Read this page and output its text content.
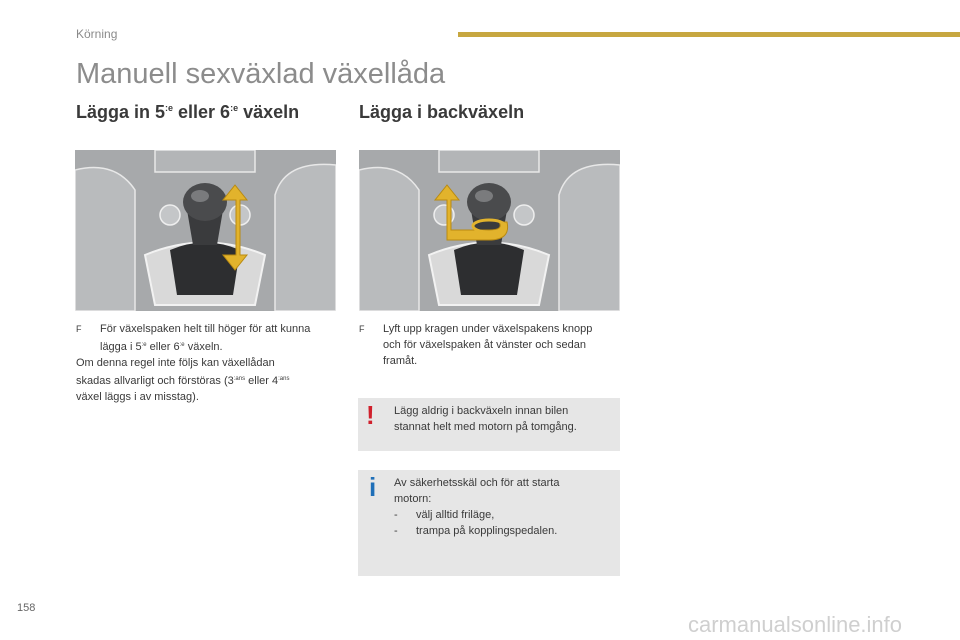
Körning
Manuell sexväxlad växellåda
Lägga in $5^{:e}$ eller $6^{:e}$ växeln	Lägga i backväxeln
F	För växelspaken helt till höger för att kunna
lägga i $5^{:e}$ eller $6^{:e}$ växeln.

Om denna regel inte följs kan växellådan

skadas allvarligt och förstöras ($3^{:ans}$ eller $4^{:ans}$

växel läggs i av misstag).

F	Lyft upp kragen under växelspakens knopp
och för växelspaken åt vänster och sedan
framåt.
! Lägg aldrig i backväxeln innan bilen
stannat helt med motorn på tomgång.
i Av säkerhetsskäl och för att starta
motorn:
- välj alltid friläge,
- trampa på kopplingspedalen.
158
carmanualsonline.info
